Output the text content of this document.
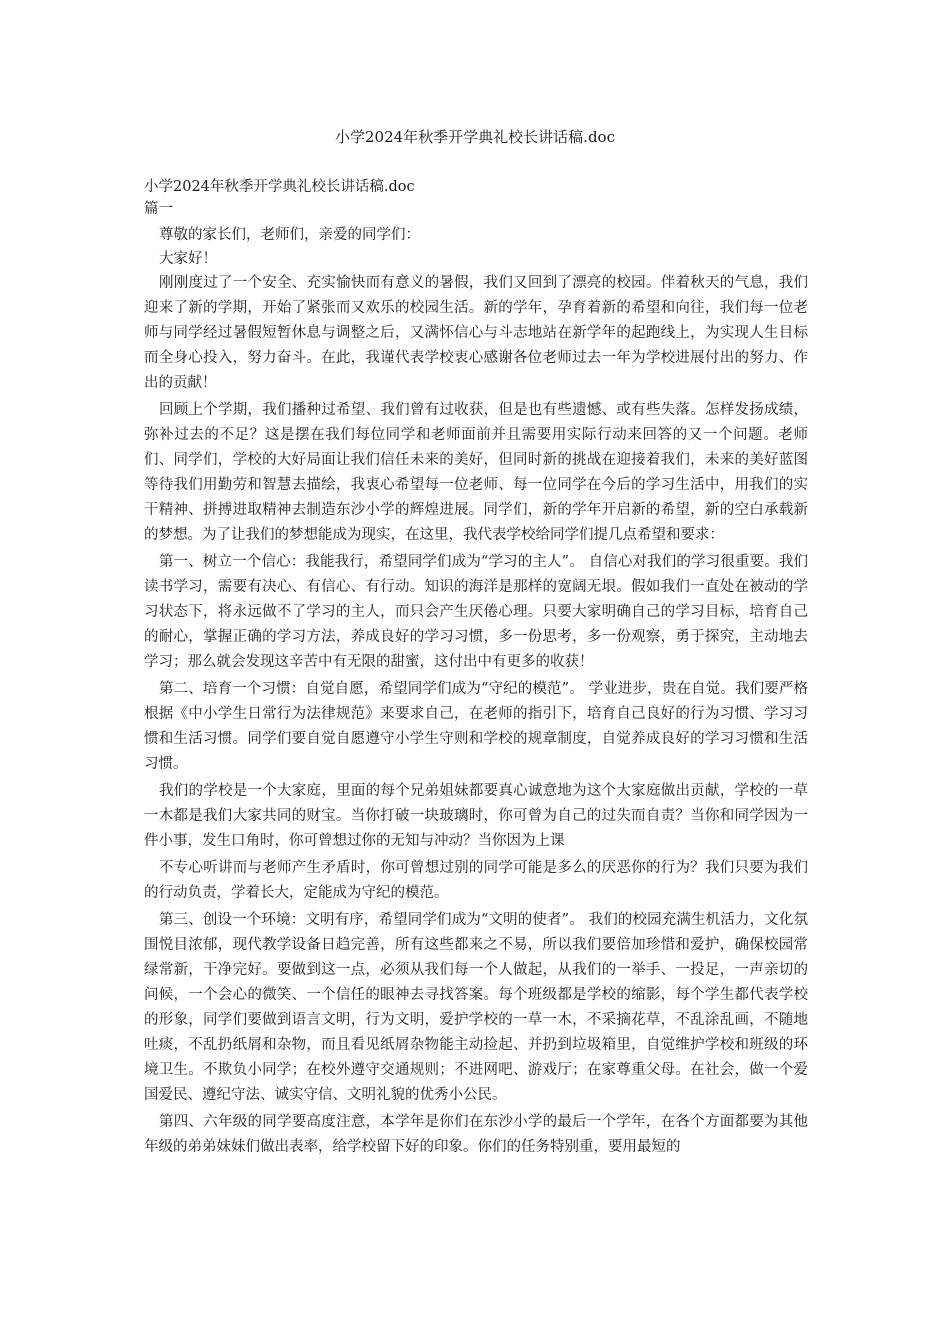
小学2024年秋季开学典礼校长讲话稿.doc

小学2024年秋季开学典礼校长讲话稿.doc

篇一

尊敬的家长们，老师们，亲爱的同学们：

大家好！

刚刚度过了一个安全、充实愉快而有意义的暑假，我们又回到了漂亮的校园。伴着秋天的气息，我们迎来了新的学期，开始了紧张而又欢乐的校园生活。新的学年，孕育着新的希望和向往，我们每一位老师与同学经过暑假短暂休息与调整之后，又满怀信心与斗志地站在新学年的起跑线上，为实现人生目标而全身心投入，努力奋斗。在此，我谨代表学校衷心感谢各位老师过去一年为学校进展付出的努力、作出的贡献！

回顾上个学期，我们播种过希望、我们曾有过收获，但是也有些遗憾、或有些失落。怎样发扬成绩，弥补过去的不足？这是摆在我们每位同学和老师面前并且需要用实际行动来回答的又一个问题。老师们、同学们，学校的大好局面让我们信任未来的美好，但同时新的挑战在迎接着我们，未来的美好蓝图等待我们用勤劳和智慧去描绘，我衷心希望每一位老师、每一位同学在今后的学习生活中，用我们的实干精神、拼搏进取精神去制造东沙小学的辉煌进展。同学们，新的学年开启新的希望，新的空白承载新的梦想。为了让我们的梦想能成为现实，在这里，我代表学校给同学们提几点希望和要求：

第一、树立一个信心：我能我行，希望同学们成为“学习的主人”。 自信心对我们的学习很重要。我们读书学习，需要有决心、有信心、有行动。知识的海洋是那样的宽阔无垠。假如我们一直处在被动的学习状态下，将永远做不了学习的主人，而只会产生厌倦心理。只要大家明确自己的学习目标，培育自己的耐心，掌握正确的学习方法，养成良好的学习习惯，多一份思考，多一份观察，勇于探究，主动地去学习；那么就会发现这辛苦中有无限的甜蜜，这付出中有更多的收获！

第二、培育一个习惯：自觉自愿，希望同学们成为“守纪的模范”。 学业进步，贵在自觉。我们要严格根据《中小学生日常行为法律规范》来要求自己，在老师的指引下，培育自己良好的行为习惯、学习习惯和生活习惯。同学们要自觉自愿遵守小学生守则和学校的规章制度，自觉养成良好的学习习惯和生活习惯。

我们的学校是一个大家庭，里面的每个兄弟姐妹都要真心诚意地为这个大家庭做出贡献，学校的一草一木都是我们大家共同的财宝。当你打破一块玻璃时，你可曾为自己的过失而自责？当你和同学因为一件小事，发生口角时，你可曾想过你的无知与冲动？当你因为上课

不专心听讲而与老师产生矛盾时，你可曾想过别的同学可能是多么的厌恶你的行为？我们只要为我们的行动负责，学着长大，定能成为守纪的模范。

第三、创设一个环境：文明有序，希望同学们成为“文明的使者”。 我们的校园充满生机活力，文化氛围悦目浓郁，现代教学设备日趋完善，所有这些都来之不易，所以我们要倍加珍惜和爱护，确保校园常绿常新，干净完好。要做到这一点，必须从我们每一个人做起，从我们的一举手、一投足，一声亲切的问候，一个会心的微笑、一个信任的眼神去寻找答案。每个班级都是学校的缩影，每个学生都代表学校的形象，同学们要做到语言文明，行为文明，爱护学校的一草一木，不采摘花草，不乱涂乱画，不随地吐痰，不乱扔纸屑和杂物，而且看见纸屑杂物能主动捡起、并扔到垃圾箱里，自觉维护学校和班级的环境卫生。不欺负小同学；在校外遵守交通规则；不进网吧、游戏厅；在家尊重父母。在社会，做一个爱国爱民、遵纪守法、诚实守信、文明礼貌的优秀小公民。

第四、六年级的同学要高度注意，本学年是你们在东沙小学的最后一个学年，在各个方面都要为其他年级的弟弟妹妹们做出表率，给学校留下好的印象。你们的任务特别重，要用最短的
